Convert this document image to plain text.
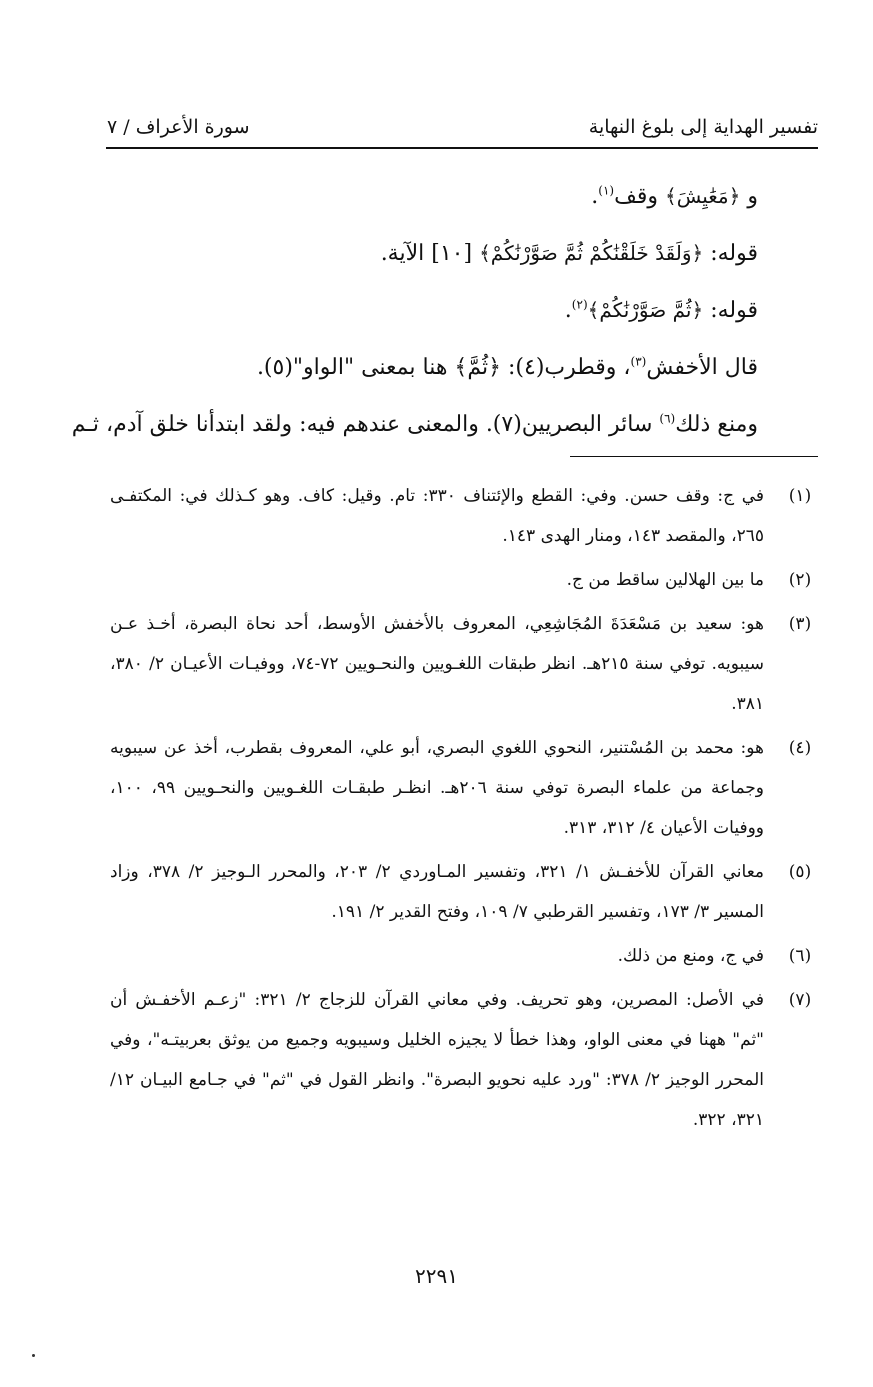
تفسير الهداية إلى بلوغ النهاية
سورة الأعراف / ٧
و ﴿مَعَٰيِشَ﴾ وقف$^{(١)}$.
قوله: ﴿وَلَقَدْ خَلَقْنَٰكُمْ ثُمَّ صَوَّرْنَٰكُمْ﴾ [١٠] الآية.
قوله: ﴿ثُمَّ صَوَّرْنَٰكُمْ﴾$^{(٢)}$.
قال الأخفش$^{(٣)}$، وقطرب(٤): ﴿ثُمَّ﴾ هنا بمعنى "الواو"(٥).
ومنع ذلك$^{(٦)}$ سائر البصريين(٧). والمعنى عندهم فيه: ولقد ابتدأنا خلق آدم، ثـم
(١)
في ج: وقف حسن. وفي: القطع والإئتناف ٣٣٠: تام. وقيل: كاف. وهو كـذلك في: المكتفـى ٢٦٥، والمقصد ١٤٣، ومنار الهدى ١٤٣.
(٢)
ما بين الهلالين ساقط من ج.
(٣)
هو: سعيد بن مَسْعَدَةَ المُجَاشِعِي، المعروف بالأخفش الأوسط، أحد نحاة البصرة، أخـذ عـن سيبويه. توفي سنة ٢١٥هـ. انظر طبقات اللغـويين والنحـويين ٧٢-٧٤، ووفيـات الأعيـان ٢/ ٣٨٠، ٣٨١.
(٤)
هو: محمد بن المُسْتنير، النحوي اللغوي البصري، أبو علي، المعروف بقطرب، أخذ عن سيبويه وجماعة من علماء البصرة توفي سنة ٢٠٦هـ. انظـر طبقـات اللغـويين والنحـويين ٩٩، ١٠٠، ووفيات الأعيان ٤/ ٣١٢، ٣١٣.
(٥)
معاني القرآن للأخفـش ١/ ٣٢١، وتفسير المـاوردي ٢/ ٢٠٣، والمحرر الـوجيز ٢/ ٣٧٨، وزاد المسير ٣/ ١٧٣، وتفسير القرطبي ٧/ ١٠٩، وفتح القدير ٢/ ١٩١.
(٦)
في ج، ومنع من ذلك.
(٧)
في الأصل: المصرين، وهو تحريف. وفي معاني القرآن للزجاج ٢/ ٣٢١: "زعـم الأخفـش أن "ثم" ههنا في معنى الواو، وهذا خطأ لا يجيزه الخليل وسيبويه وجميع من يوثق بعربيتـه"، وفي المحرر الوجيز ٢/ ٣٧٨: "ورد عليه نحويو البصرة". وانظر القول في "ثم" في جـامع البيـان ١٢/ ٣٢١، ٣٢٢.
٢٢٩١
